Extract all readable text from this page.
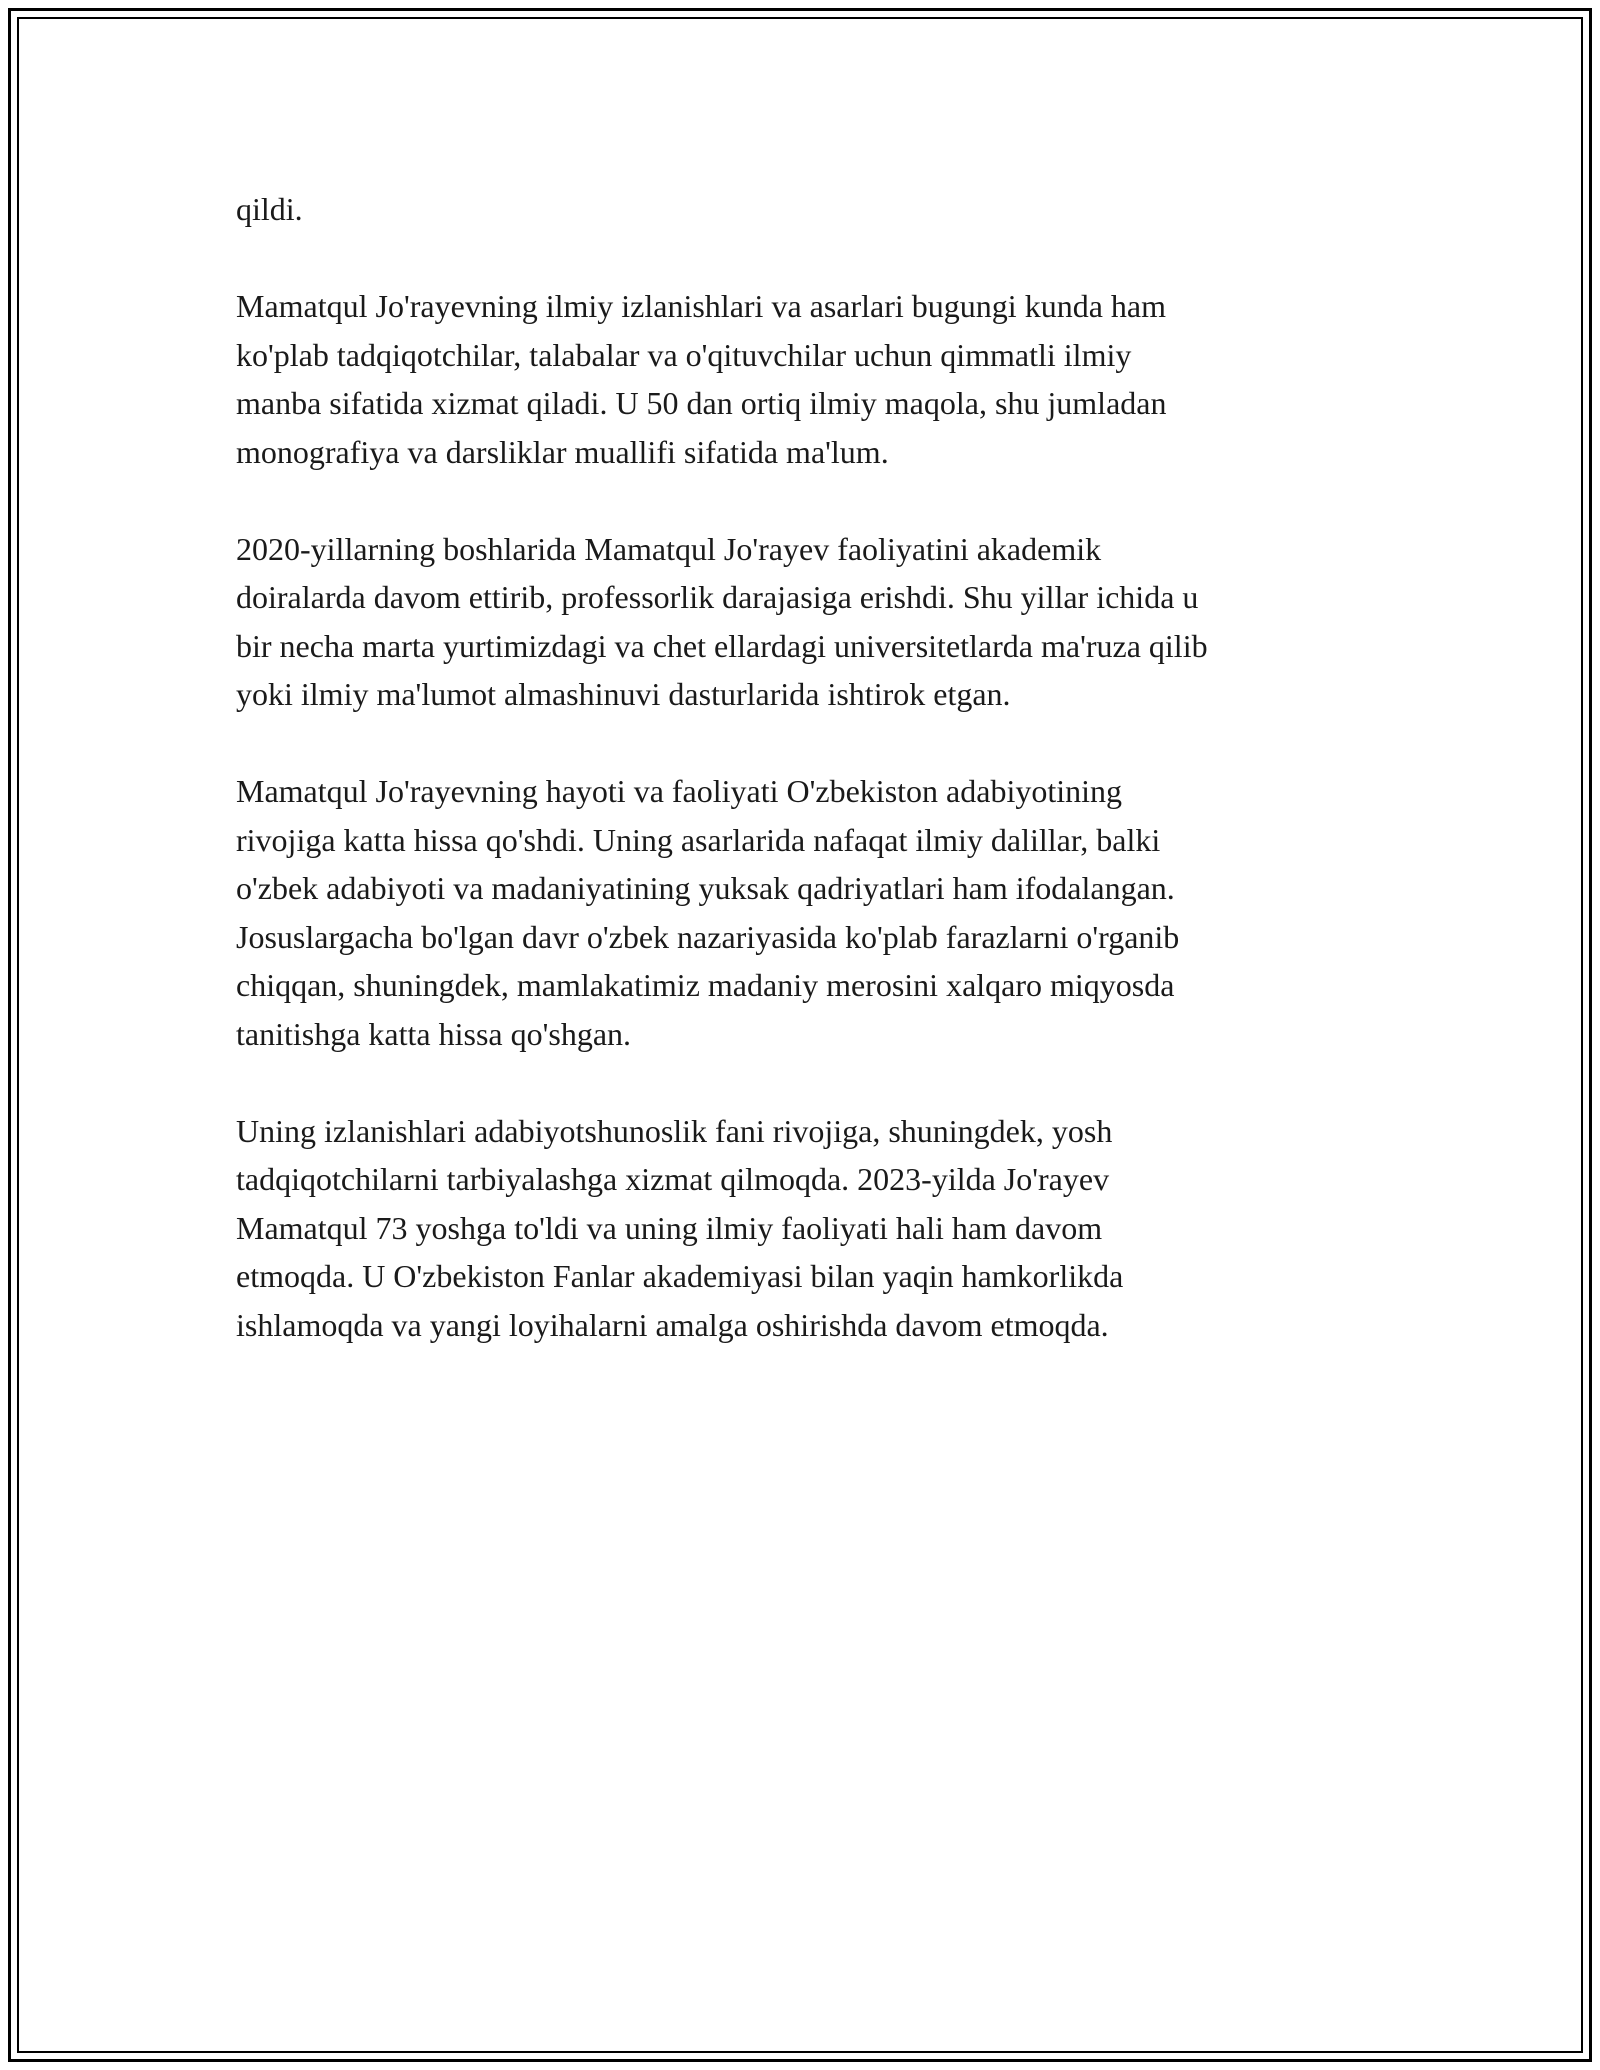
qildi.

Mamatqul Jo'rayevning ilmiy izlanishlari va asarlari bugungi kunda ham
ko'plab tadqiqotchilar, talabalar va o'qituvchilar uchun qimmatli ilmiy
manba sifatida xizmat qiladi. U 50 dan ortiq ilmiy maqola, shu jumladan
monografiya va darsliklar muallifi sifatida ma'lum.

2020-yillarning boshlarida Mamatqul Jo'rayev faoliyatini akademik
doiralarda davom ettirib, professorlik darajasiga erishdi. Shu yillar ichida u
bir necha marta yurtimizdagi va chet ellardagi universitetlarda ma'ruza qilib
yoki ilmiy ma'lumot almashinuvi dasturlarida ishtirok etgan.

Mamatqul Jo'rayevning hayoti va faoliyati O'zbekiston adabiyotining
rivojiga katta hissa qo'shdi. Uning asarlarida nafaqat ilmiy dalillar, balki
o'zbek adabiyoti va madaniyatining yuksak qadriyatlari ham ifodalangan.
Josuslargacha bo'lgan davr o'zbek nazariyasida ko'plab farazlarni o'rganib
chiqqan, shuningdek, mamlakatimiz madaniy merosini xalqaro miqyosda
tanitishga katta hissa qo'shgan.

Uning izlanishlari adabiyotshunoslik fani rivojiga, shuningdek, yosh
tadqiqotchilarni tarbiyalashga xizmat qilmoqda. 2023-yilda Jo'rayev
Mamatqul 73 yoshga to'ldi va uning ilmiy faoliyati hali ham davom
etmoqda. U O'zbekiston Fanlar akademiyasi bilan yaqin hamkorlikda
ishlamoqda va yangi loyihalarni amalga oshirishda davom etmoqda.
